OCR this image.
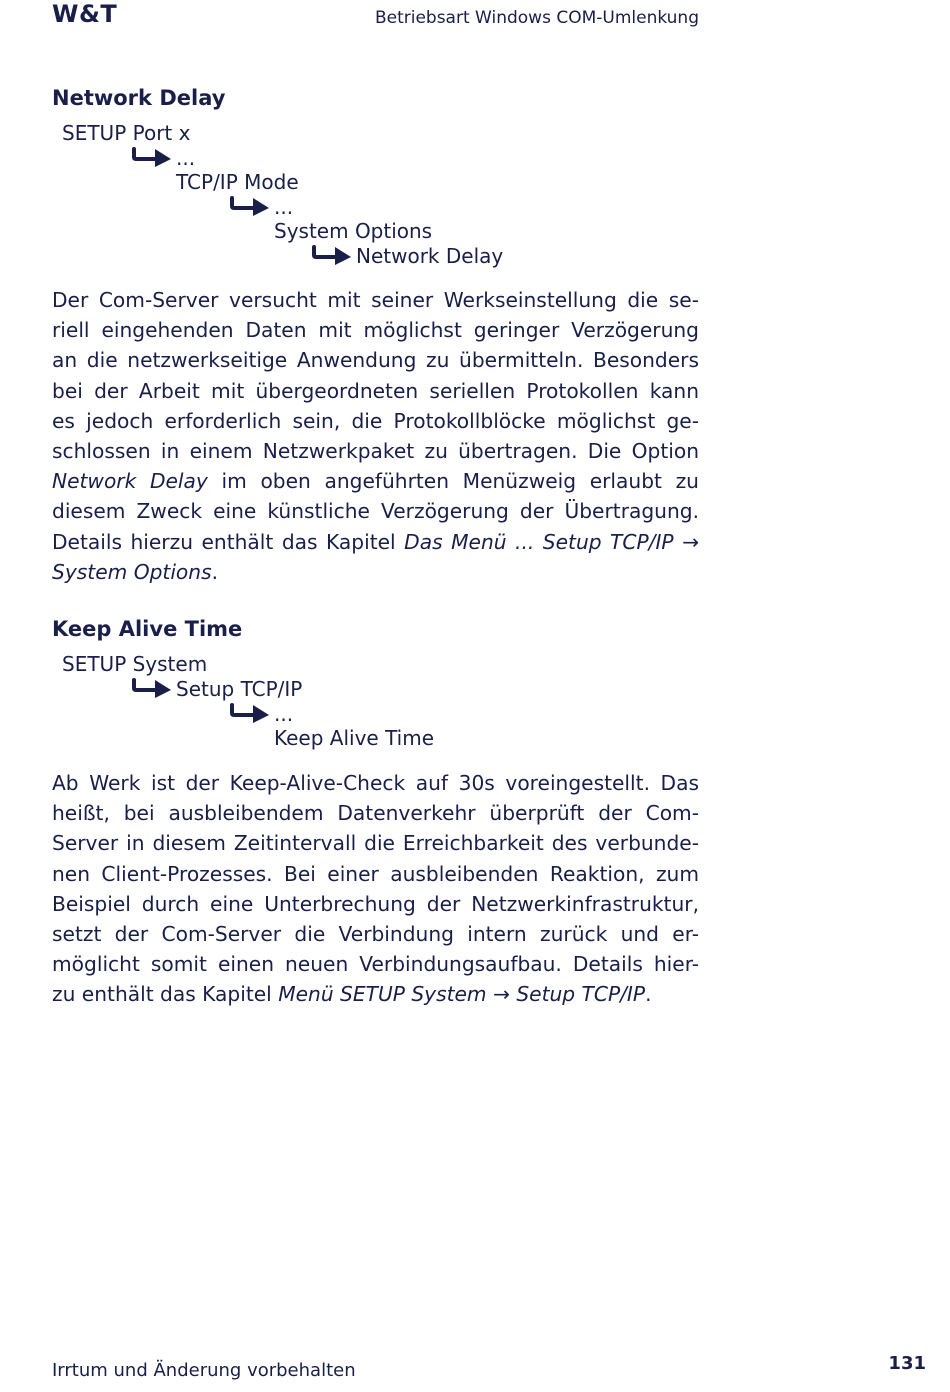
W&T	Betriebsart Windows COM-Umlenkung
Network Delay
SETUP Port x
...
TCP/IP Mode
...
System Options
Network Delay
Der Com-Server versucht mit seiner Werkseinstellung die se-
riell eingehenden Daten mit möglichst geringer Verzögerung
an die netzwerkseitige Anwendung zu übermitteln. Besonders
bei der Arbeit mit übergeordneten seriellen Protokollen kann
es jedoch erforderlich sein, die Protokollblöcke möglichst ge-
schlossen in einem Netzwerkpaket zu übertragen. Die Option
Network Delay im oben angeführten Menüzweig erlaubt zu
diesem Zweck eine künstliche Verzögerung der Übertragung.
Details hierzu enthält das Kapitel Das Menü ... Setup TCP/IP →
System Options.
Keep Alive Time
SETUP System
Setup TCP/IP
...
Keep Alive Time
Ab Werk ist der Keep-Alive-Check auf 30s voreingestellt. Das
heißt, bei ausbleibendem Datenverkehr überprüft der Com-
Server in diesem Zeitintervall die Erreichbarkeit des verbunde-
nen Client-Prozesses. Bei einer ausbleibenden Reaktion, zum
Beispiel durch eine Unterbrechung der Netzwerkinfrastruktur,
setzt der Com-Server die Verbindung intern zurück und er-
möglicht somit einen neuen Verbindungsaufbau. Details hier-
zu enthält das Kapitel Menü SETUP System → Setup TCP/IP.
Irrtum und Änderung vorbehalten	131
